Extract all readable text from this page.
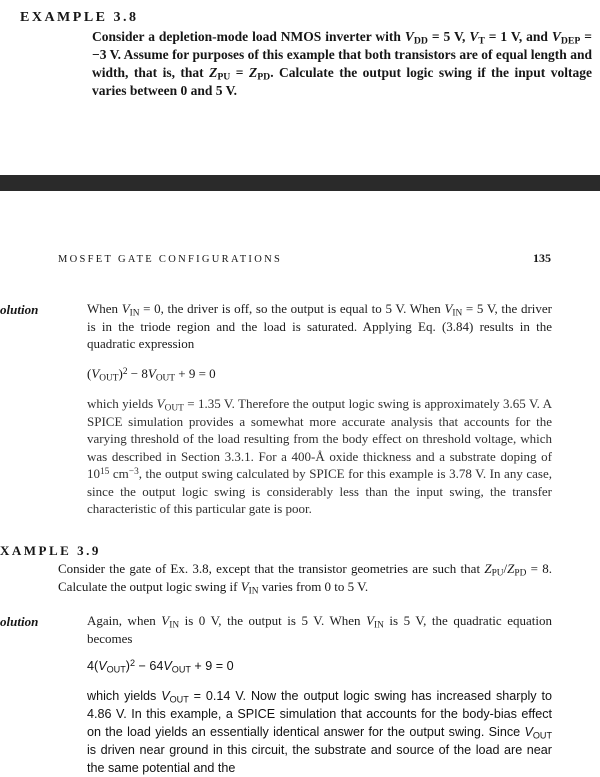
EXAMPLE 3.8
Consider a depletion-mode load NMOS inverter with $V_{DD} = 5$ V, $V_T = 1$ V, and $V_{DEP} = -3$ V. Assume for purposes of this example that both transistors are of equal length and width, that is, that $Z_{PU} = Z_{PD}$. Calculate the output logic swing if the input voltage varies between 0 and 5 V.
MOSFET GATE CONFIGURATIONS	135
olution	When $V_{IN} = 0$, the driver is off, so the output is equal to 5 V. When $V_{IN} = 5$ V, the driver is in the triode region and the load is saturated. Applying Eq. (3.84) results in the quadratic expression
$(V_{OUT})^2 - 8V_{OUT} + 9 = 0$
which yields $V_{OUT} = 1.35$ V. Therefore the output logic swing is approximately 3.65 V. A SPICE simulation provides a somewhat more accurate analysis that accounts for the varying threshold of the load resulting from the body effect on threshold voltage, which was described in Section 3.3.1. For a 400-Å oxide thickness and a substrate doping of $10^{15}$ $cm^{-3}$, the output swing calculated by SPICE for this example is 3.78 V. In any case, since the output logic swing is considerably less than the input swing, the transfer characteristic of this particular gate is poor.
XAMPLE 3.9
Consider the gate of Ex. 3.8, except that the transistor geometries are such that $Z_{PU}/Z_{PD} = 8$. Calculate the output logic swing if $V_{IN}$ varies from 0 to 5 V.
olution	Again, when $V_{IN}$ is 0 V, the output is 5 V. When $V_{IN}$ is 5 V, the quadratic equation becomes
$4(V_{OUT})^2 - 64V_{OUT} + 9 = 0$
which yields $V_{OUT} = 0.14$ V. Now the output logic swing has increased sharply to 4.86 V. In this example, a SPICE simulation that accounts for the body-bias effect on the load yields an essentially identical answer for the output swing. Since $V_{OUT}$ is driven near ground in this circuit, the substrate and source of the load are near the same potential and the
